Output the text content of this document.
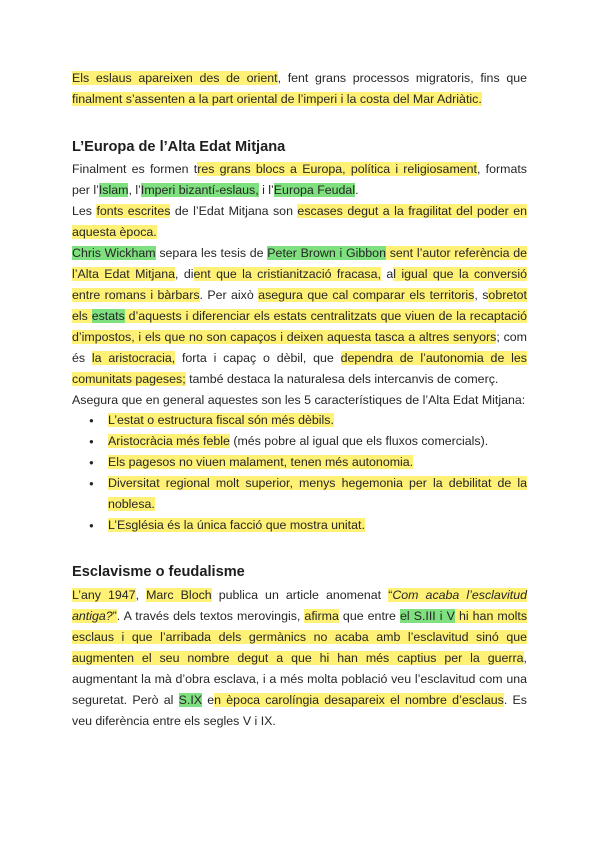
Els eslaus apareixen des de orient, fent grans processos migratoris, fins que finalment s’assenten a la part oriental de l’imperi i la costa del Mar Adriàtic.

L’Europa de l’Alta Edat Mitjana

Finalment es formen tres grans blocs a Europa, política i religiosament, formats per l’Islam, l’Imperi bizantí-eslaus, i l’Europa Feudal.

Les fonts escrites de l’Edat Mitjana son escases degut a la fragilitat del poder en aquesta època.

Chris Wickham separa les tesis de Peter Brown i Gibbon sent l’autor referència de l’Alta Edat Mitjana, dient que la cristianització fracasa, al igual que la conversió entre romans i bàrbars. Per això asegura que cal comparar els territoris, sobretot els estats d’aquests i diferenciar els estats centralitzats que viuen de la recaptació d’impostos, i els que no son capaços i deixen aquesta tasca a altres senyors; com és la aristocracia, forta i capaç o dèbil, que dependra de l’autonomia de les comunitats pageses; també destaca la naturalesa dels intercanvis de comerç.

Asegura que en general aquestes son les 5 característiques de l’Alta Edat Mitjana:

● L’estat o estructura fiscal són més dèbils.
● Aristocràcia més feble (més pobre al igual que els fluxos comercials).
● Els pagesos no viuen malament, tenen més autonomia.
● Diversitat regional molt superior, menys hegemonia per la debilitat de la noblesa.
● L’Església és la única facció que mostra unitat.
Esclavisme o feudalisme

L’any 1947, Marc Bloch publica un article anomenat “Com acaba l’esclavitud antiga?”. A través dels textos merovingis, afirma que entre el S.III i V hi han molts esclaus i que l’arribada dels germànics no acaba amb l’esclavitud sinó que augmenten el seu nombre degut a que hi han més captius per la guerra, augmentant la mà d’obra esclava, i a més molta població veu l’esclavitud com una seguretat. Però al S.IX en època carolíngia desapareix el nombre d’esclaus. Es veu diferència entre els segles V i IX.
